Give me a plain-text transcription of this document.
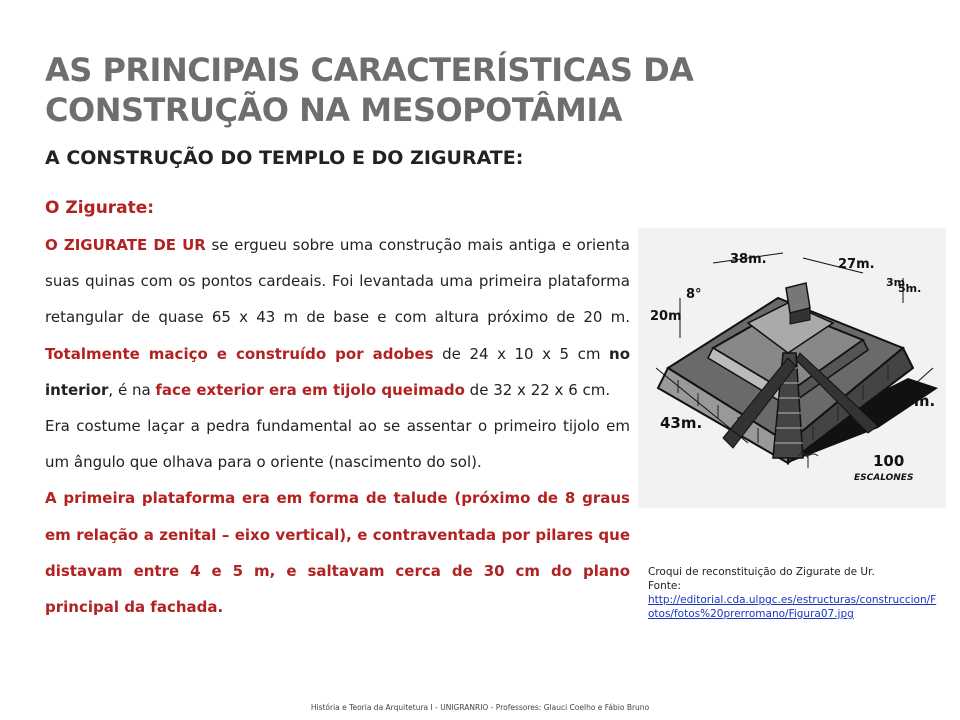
AS PRINCIPAIS CARACTERÍSTICAS DA
CONSTRUÇÃO NA MESOPOTÂMIA
A CONSTRUÇÃO DO TEMPLO E DO ZIGURATE:
O Zigurate:

O ZIGURATE DE UR se ergueu sobre uma construção mais antiga e orienta suas quinas com os pontos cardeais. Foi levantada uma primeira plataforma retangular de quase 65 x 43 m de base e com altura próximo de 20 m. Totalmente maciço e construído por adobes de 24 x 10 x 5 cm no interior, é na face exterior era em tijolo queimado de 32 x 22 x 6 cm.

Era costume laçar a pedra fundamental ao se assentar o primeiro tijolo em um ângulo que olhava para o oriente (nascimento do sol).

A primeira plataforma era em forma de talude (próximo de 8 graus em relação a zenital – eixo vertical), e contraventada por pilares que distavam entre 4 e 5 m, e saltavam cerca de 30 cm do plano principal da fachada.

38m.	27m.
8°
20m
3m.
5m.
43m.
65m.
100
ESCALONES
Croqui de reconstituição do Zigurate de Ur.
Fonte:
http://editorial.cda.ulpgc.es/estructuras/construccion/Fotos/fotos%20prerromano/Figura07.jpg
História e Teoria da Arquitetura I - UNIGRANRIO - Professores: Glauci Coelho e Fábio Bruno
